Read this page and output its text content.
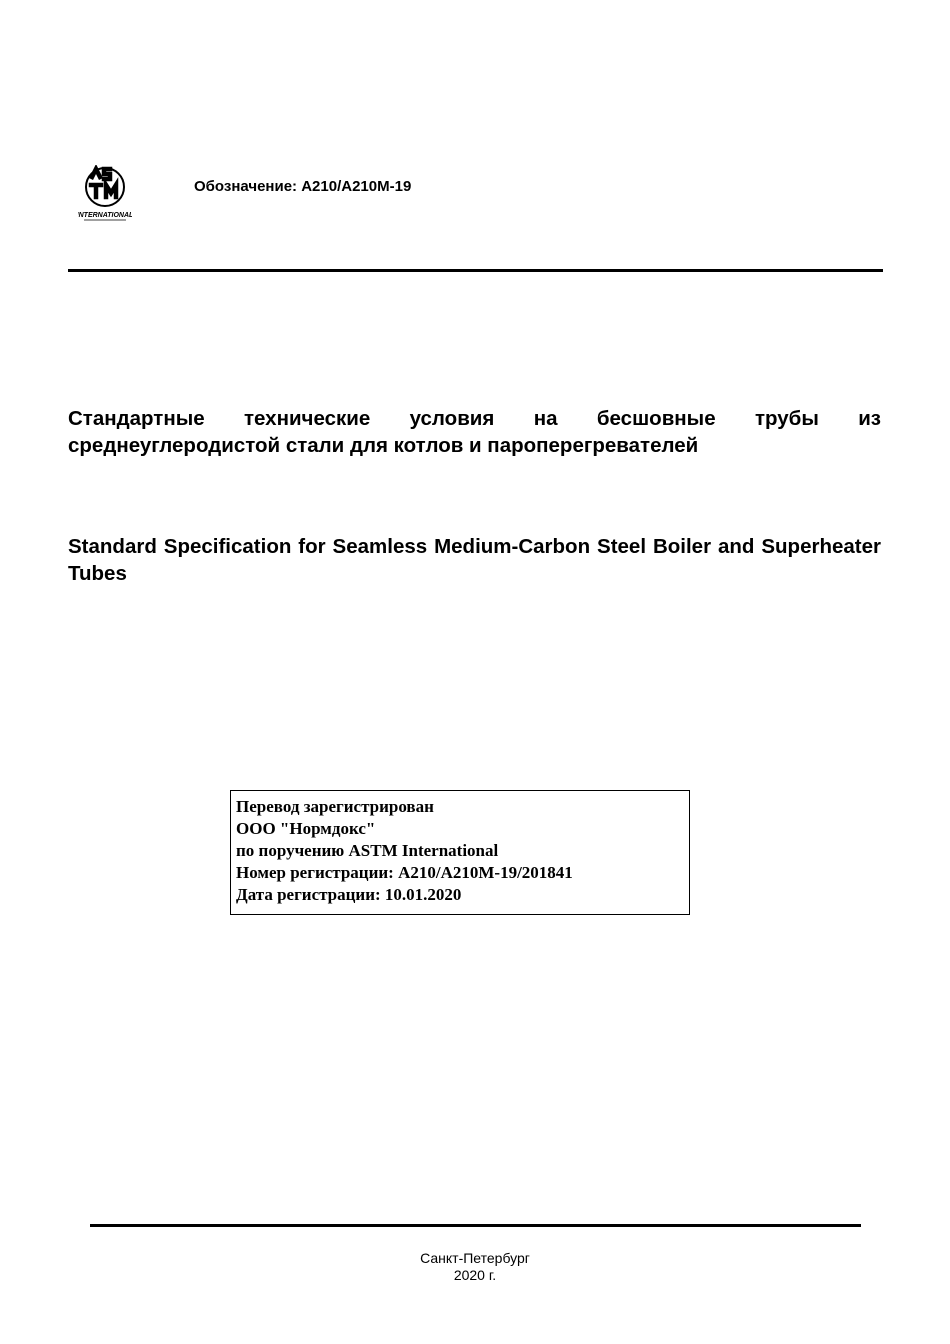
INTERNATIONAL
Обозначение: A210/A210M-19
Стандартные технические условия на бесшовные трубы из среднеуглеродистой стали для котлов и пароперегревателей
Standard Specification for Seamless Medium-Carbon Steel Boiler and Superheater Tubes
Перевод зарегистрирован
ООО "Нормдокс"
по поручению ASTM International
Номер регистрации: A210/A210M-19/201841
Дата регистрации: 10.01.2020
Санкт-Петербург
2020 г.
